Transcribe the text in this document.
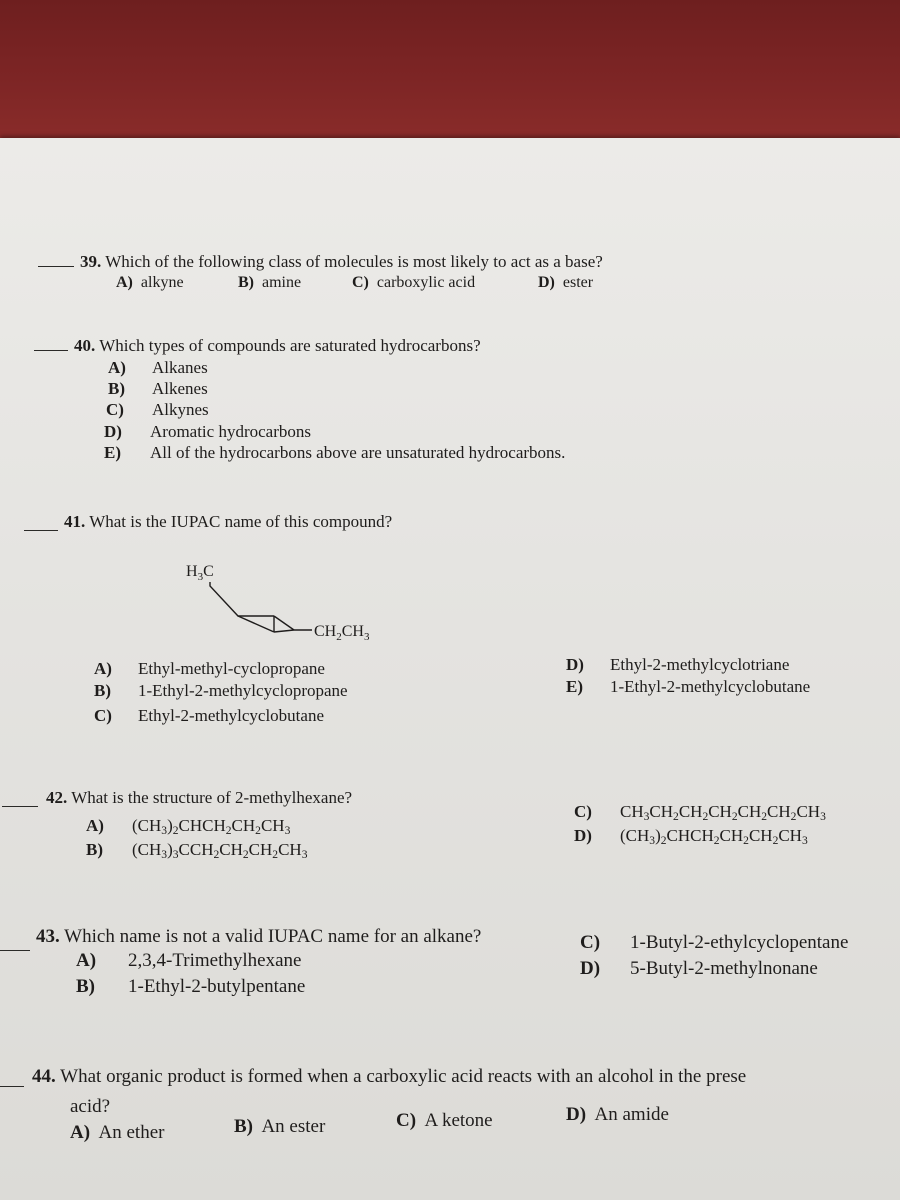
39. Which of the following class of molecules is most likely to act as a base?
A) alkyne	B) amine	C) carboxylic acid	D) ester
40. Which types of compounds are saturated hydrocarbons?
A) Alkanes
B) Alkenes
C) Alkynes
D) Aromatic hydrocarbons
E) All of the hydrocarbons above are unsaturated hydrocarbons.
41. What is the IUPAC name of this compound?
$H_3C$
$CH_2CH_3$
A) Ethyl-methyl-cyclopropane
B) 1-Ethyl-2-methylcyclopropane
C) Ethyl-2-methylcyclobutane
D) Ethyl-2-methylcyclotriane
E) 1-Ethyl-2-methylcyclobutane
42. What is the structure of 2-methylhexane?
A) $(CH_3)_2CHCH_2CH_2CH_3$
B) $(CH_3)_3CCH_2CH_2CH_2CH_3$
C) $CH_3CH_2CH_2CH_2CH_2CH_2CH_3$
D) $(CH_3)_2CHCH_2CH_2CH_2CH_3$
43. Which name is not a valid IUPAC name for an alkane?
A) 2,3,4-Trimethylhexane
B) 1-Ethyl-2-butylpentane
C) 1-Butyl-2-ethylcyclopentane
D) 5-Butyl-2-methylnonane
44. What organic product is formed when a carboxylic acid reacts with an alcohol in the prese
acid?
A) An ether	B) An ester	C) A ketone	D) An amide
